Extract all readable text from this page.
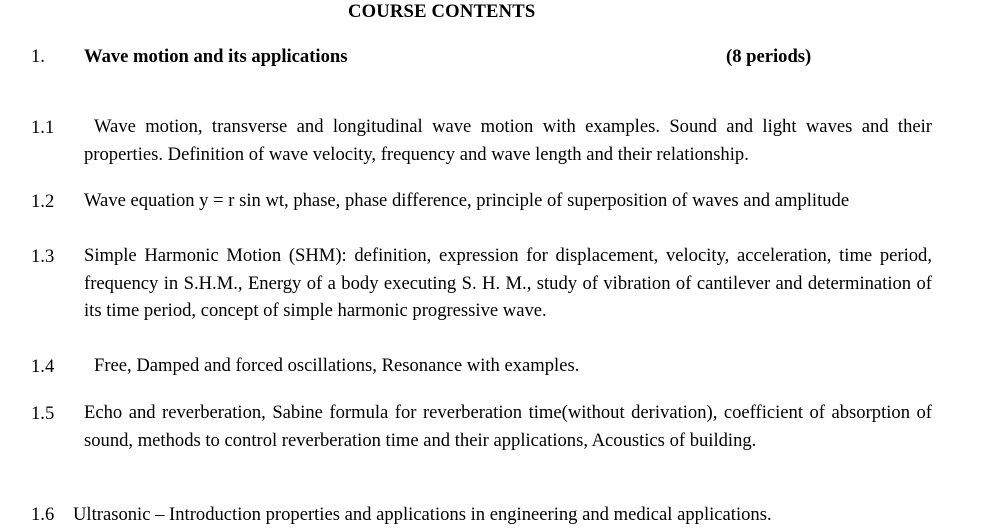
COURSE CONTENTS
1. Wave motion and its applications	(8 periods)
1.1	Wave motion, transverse and longitudinal wave motion with examples. Sound and light waves and their properties. Definition of wave velocity, frequency and wave length and their relationship.
1.2 Wave equation y = r sin wt, phase, phase difference, principle of superposition of waves and amplitude
1.3 Simple Harmonic Motion (SHM): definition, expression for displacement, velocity, acceleration, time period, frequency in S.H.M., Energy of a body executing S. H. M., study of vibration of cantilever and determination of its time period, concept of simple harmonic progressive wave.
1.4	Free, Damped and forced oscillations, Resonance with examples.
1.5 Echo and reverberation, Sabine formula for reverberation time(without derivation), coefficient of absorption of sound, methods to control reverberation time and their applications, Acoustics of building.
1.6 Ultrasonic – Introduction properties and applications in engineering and medical applications.
